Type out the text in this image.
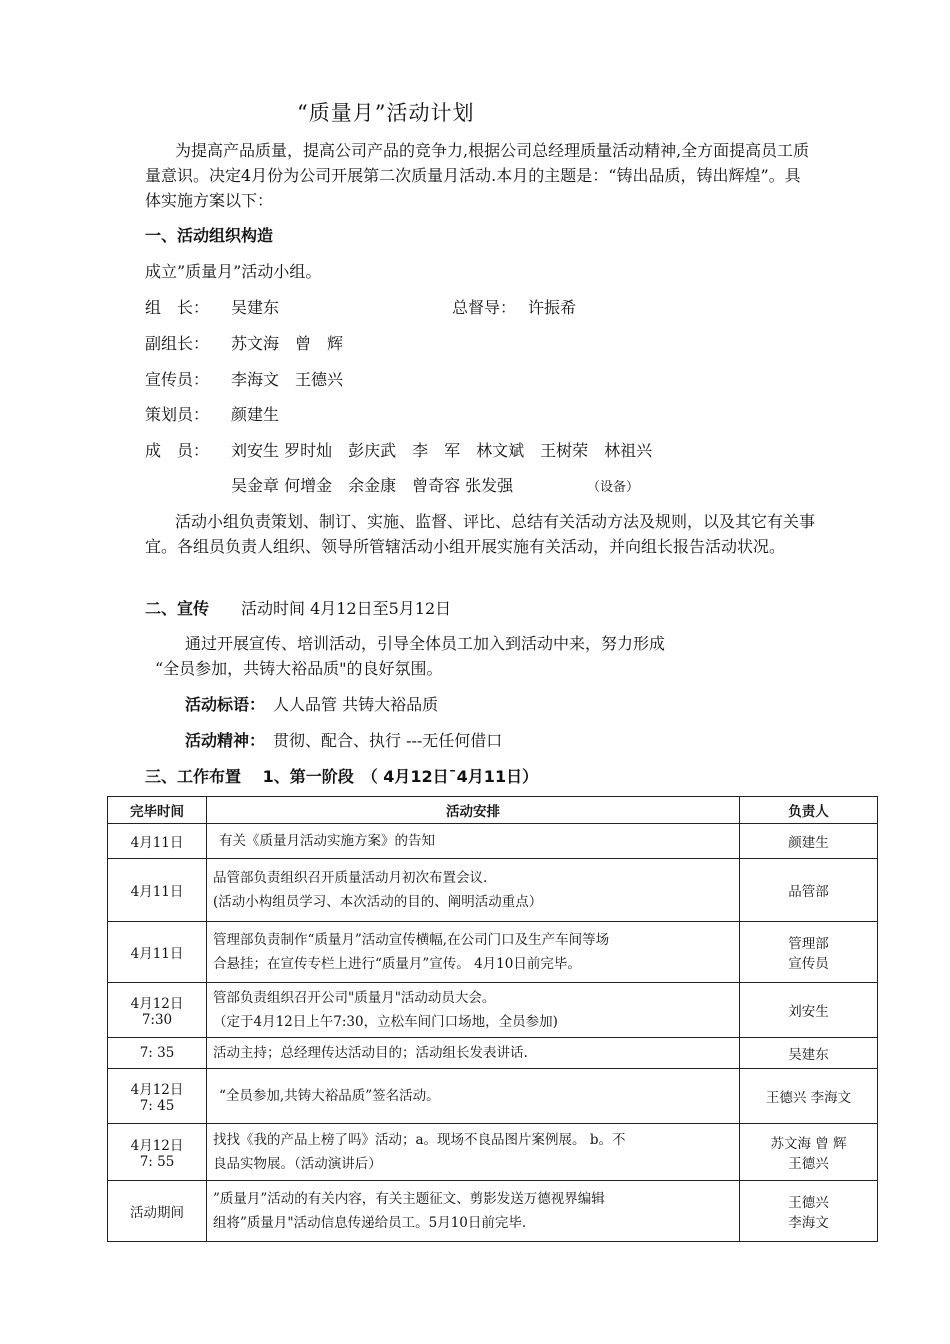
“质量月”活动计划
为提高产品质量，提高公司产品的竞争力,根据公司总经理质量活动精神,全方面提高员工质量意识。决定4月份为公司开展第二次质量月活动.本月的主题是：“铸出品质，铸出辉煌”。具体实施方案以下：
一、活动组织构造
成立”质量月”活动小组。
组　长： 吴建东	总督导： 许振希
副组长： 苏文海　曾　辉
宣传员： 李海文　王德兴
策划员： 颜建生
成　员： 刘安生 罗时灿　彭庆武　李　军　林文斌　王树荣　林祖兴
吴金章 何增金　余金康　曾奇容 张发强	（设备）
活动小组负责策划、制订、实施、监督、评比、总结有关活动方法及规则，以及其它有关事宜。各组员负责人组织、领导所管辖活动小组开展实施有关活动，并向组长报告活动状况。
二、宣传 活动时间 4月12日至5月12日
通过开展宣传、培训活动，引导全体员工加入到活动中来，努力形成
“全员参加，共铸大裕品质"的良好氛围。
活动标语： 人人品管 共铸大裕品质
活动精神： 贯彻、配合、执行 ---无任何借口
三、工作布置　 1、第一阶段　（ 4月12日¯4月11日）
完毕时间	活动安排	负责人

4月11日	有关《质量月活动实施方案》的告知	颜建生

4月11日	品管部负责组织召开质量活动月初次布置会议.
(活动小构组员学习、本次活动的目的、阐明活动重点）	品管部

4月11日	管理部负责制作“质量月”活动宣传横幅,在公司门口及生产车间等场
合悬挂；在宣传专栏上进行“质量月”宣传。 4月10日前完毕。	管理部
宣传员

4月12日
7:30	管部负责组织召开公司"质量月"活动动员大会。
（定于4月12日上午7:30，立松车间门口场地，全员参加)	刘安生

7: 35	活动主持；总经理传达活动目的；活动组长发表讲话.	吴建东

4月12日
7: 45	“全员参加,共铸大裕品质”签名活动。	王德兴 李海文

4月12日
7: 55	找找《我的产品上榜了吗》活动；a。现场不良品图片案例展。 b。不
良品实物展。（活动演讲后）	苏文海 曾 辉
王德兴

活动期间	”质量月”活动的有关内容，有关主题征文、剪影发送万德视界编辑
组将”质量月"活动信息传递给员工。5月10日前完毕.	王德兴
李海文
